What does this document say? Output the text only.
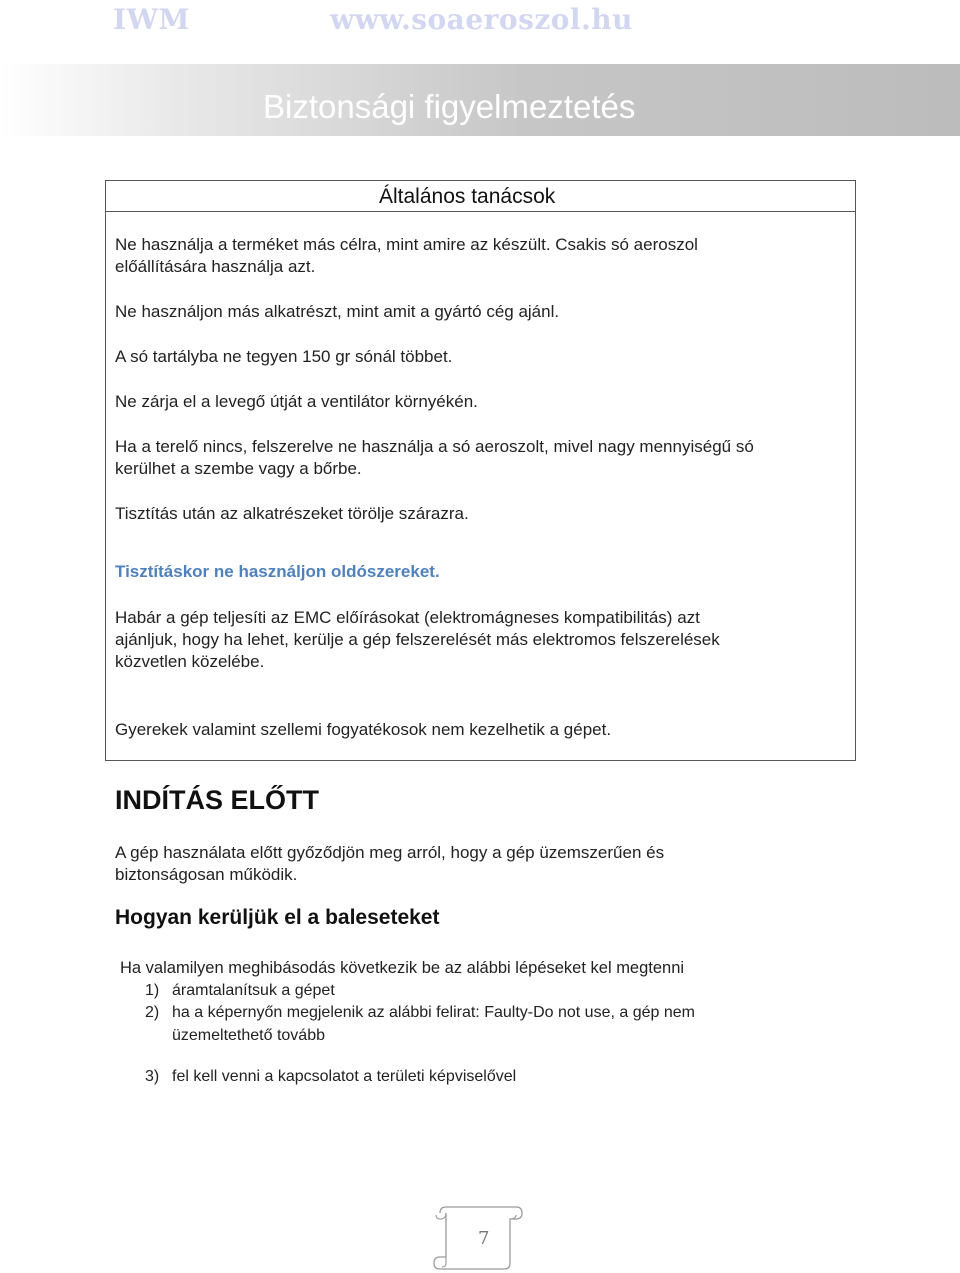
IWM	www.soaeroszol.hu
Biztonsági figyelmeztetés
Általános tanácsok
Ne használja a terméket más célra, mint amire az készült. Csakis só aeroszol
előállítására használja azt.
Ne használjon más alkatrészt, mint amit a gyártó cég ajánl.
A só tartályba ne tegyen 150 gr sónál többet.
Ne zárja el a levegő útját a ventilátor környékén.
Ha a terelő nincs, felszerelve ne használja a só aeroszolt, mivel nagy mennyiségű só
kerülhet a szembe vagy a bőrbe.
Tisztítás után az alkatrészeket törölje szárazra.
Tisztításkor ne használjon oldószereket.
Habár a gép teljesíti az EMC előírásokat (elektromágneses kompatibilitás) azt
ajánljuk, hogy ha lehet, kerülje a gép felszerelését más elektromos felszerelések
közvetlen közelébe.
Gyerekek valamint szellemi fogyatékosok nem kezelhetik a gépet.
INDÍTÁS ELŐTT
A gép használata előtt győződjön meg arról, hogy a gép üzemszerűen és
biztonságosan működik.
Hogyan kerüljük el a baleseteket
Ha valamilyen meghibásodás következik be az alábbi lépéseket kel megtenni
1) áramtalanítsuk a gépet
2) ha a képernyőn megjelenik az alábbi felirat: Faulty-Do not use, a gép nem
üzemeltethető tovább
3) fel kell venni a kapcsolatot a területi képviselővel
7
